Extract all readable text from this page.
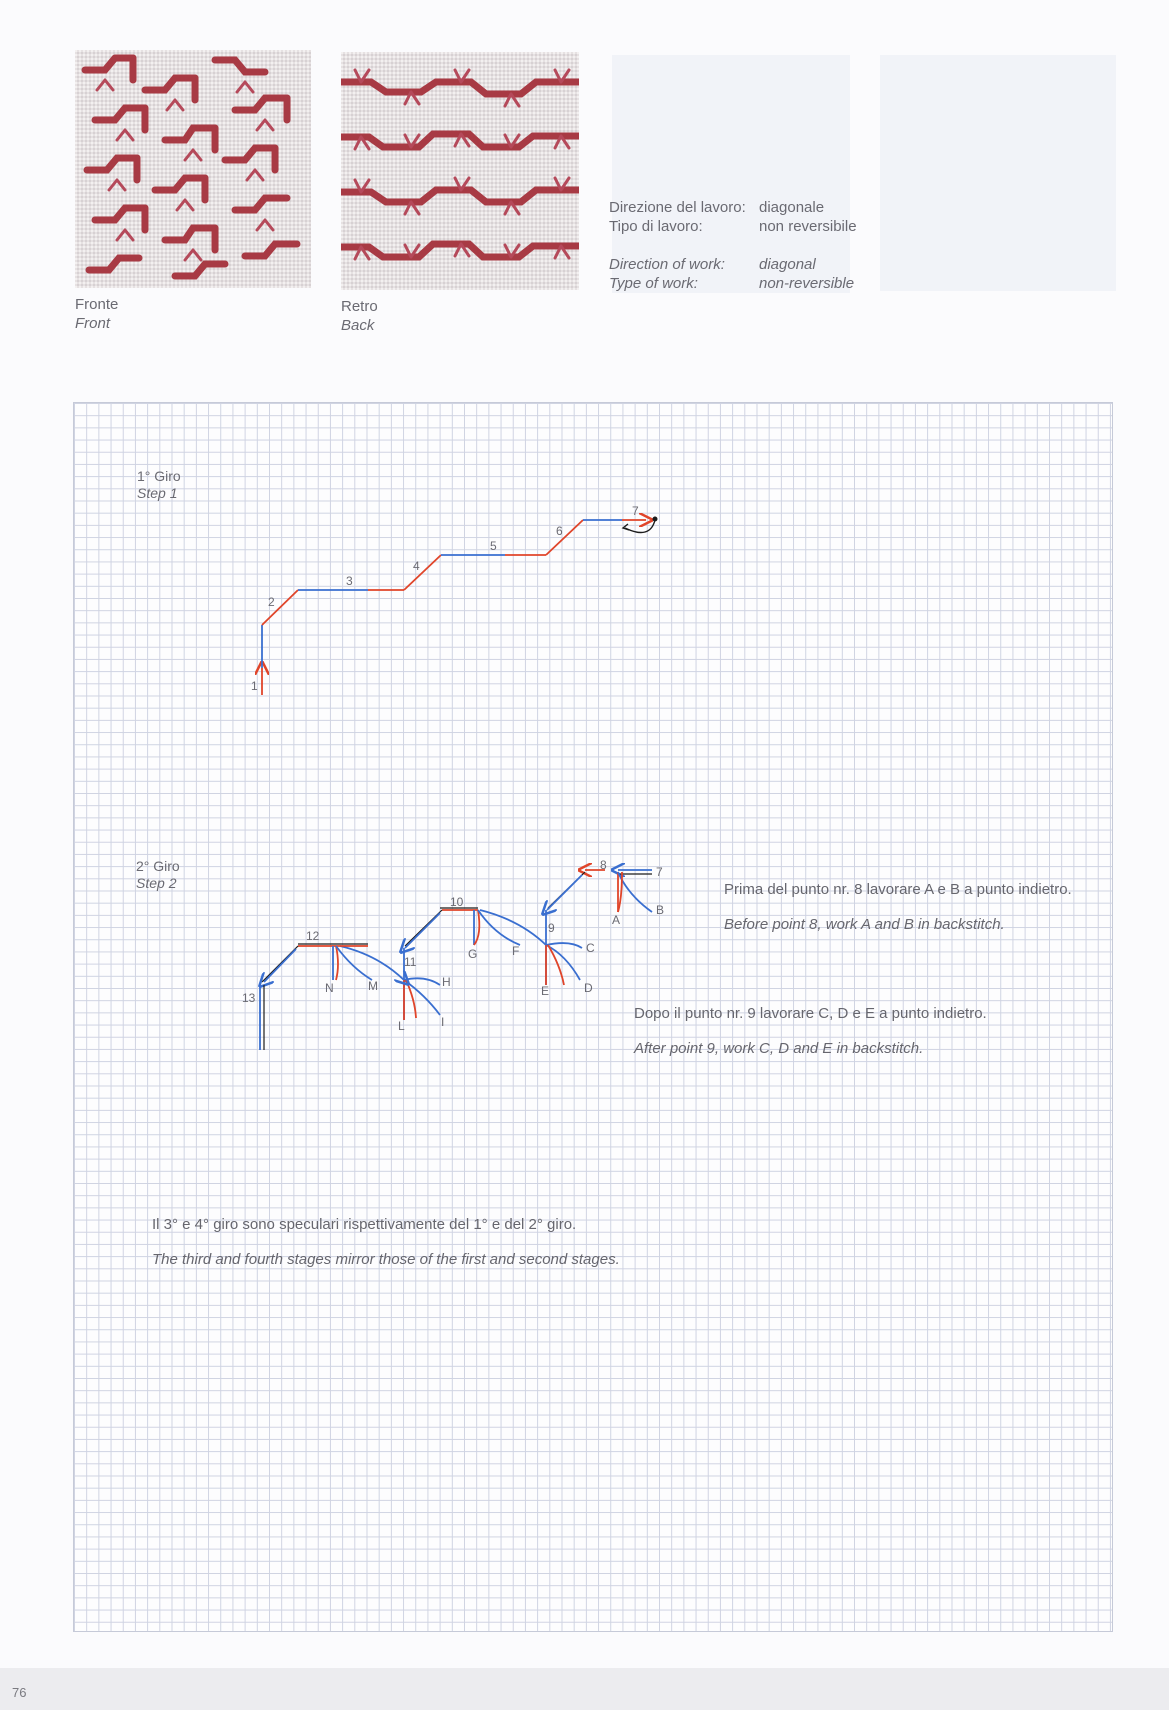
Fronte
Front
Retro
Back
Direzione del lavoro: diagonale
Tipo di lavoro:	non reversibile
Direction of work:	diagonal
Type of work:	non-reversible
1° Giro
Step 1
2° Giro
Step 2
1
2
3
4
5
6
7
7
8
9
10
11
12
13
A
B
C
D
E
F
G
H
I
L
M
N
Prima del punto nr. 8 lavorare A e B a punto indietro.
Before point 8, work A and B in backstitch.
Dopo il punto nr. 9 lavorare C, D e E a punto indietro.
After point 9, work C, D and E in backstitch.
Il 3° e 4° giro sono speculari rispettivamente del 1° e del 2° giro.
The third and fourth stages mirror those of the first and second stages.
76
